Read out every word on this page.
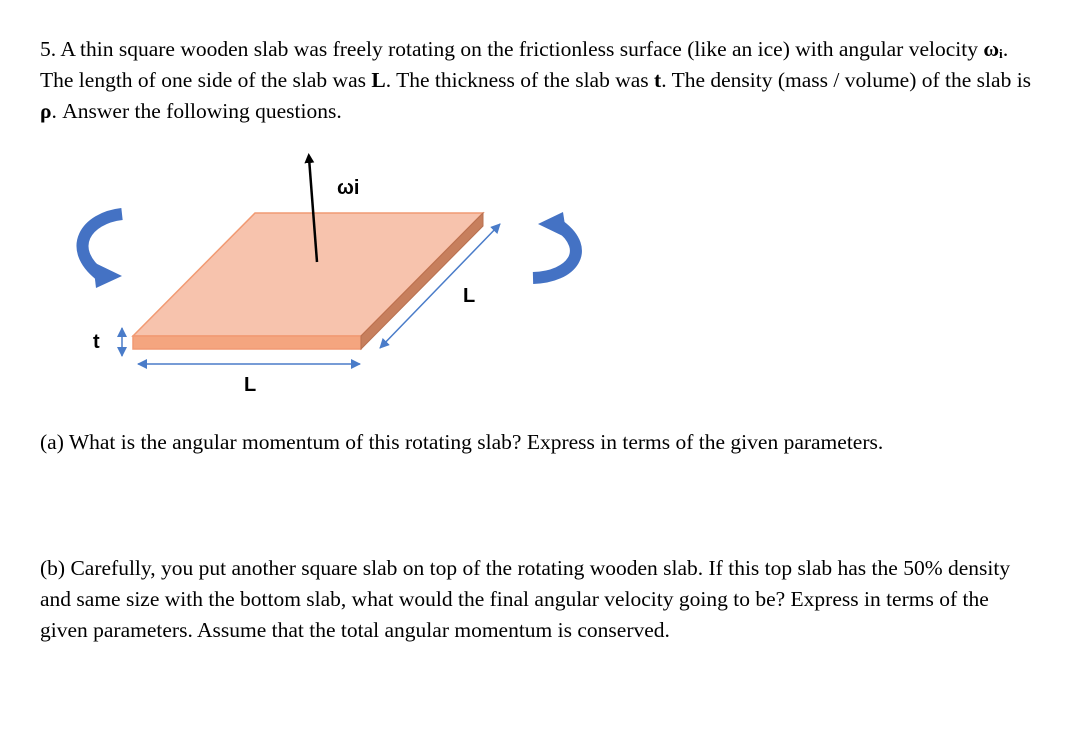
5. A thin square wooden slab was freely rotating on the frictionless surface (like an ice) with angular velocity ωᵢ. The length of one side of the slab was L. The thickness of the slab was t. The density (mass / volume) of the slab is ρ. Answer the following questions.
ωi
L
L
t
(a) What is the angular momentum of this rotating slab? Express in terms of the given parameters.
(b) Carefully, you put another square slab on top of the rotating wooden slab. If this top slab has the 50% density and same size with the bottom slab, what would the final angular velocity going to be? Express in terms of the given parameters. Assume that the total angular momentum is conserved.
